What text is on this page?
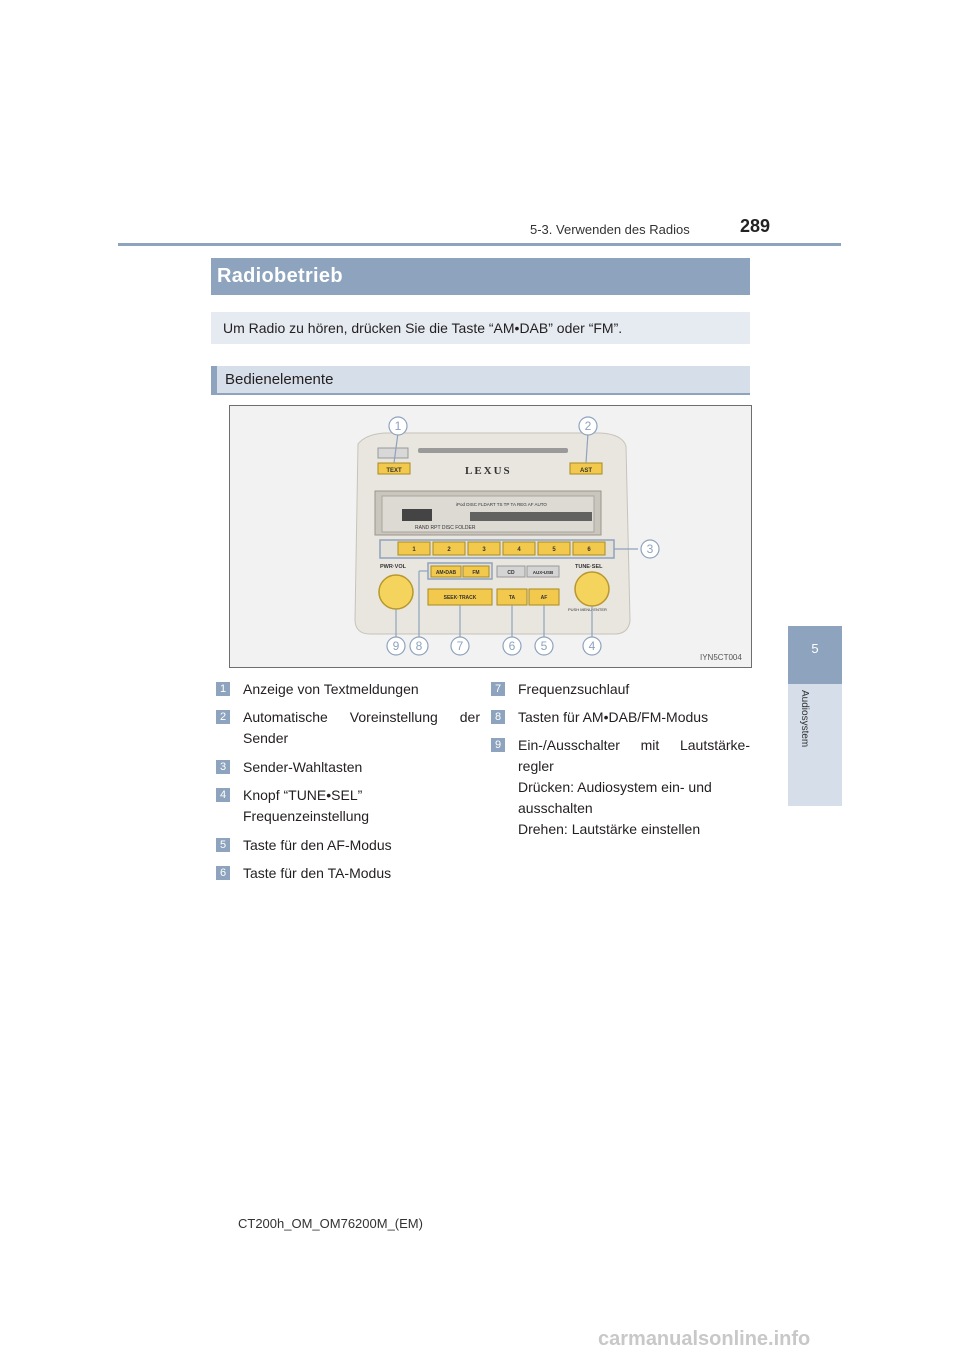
5-3. Verwenden des Radios	289
5
Audiosystem
Radiobetrieb
Um Radio zu hören, drücken Sie die Taste “AM•DAB” oder “FM”.
Bedienelemente
TEXT	AST
LEXUS
iPod DISC FLDART TS TP TA REG AF AUTO
RAND RPT DISC FOLDER
1	2	3	4	5	6
PWR·VOL	TUNE·SEL
AM•DAB	FM	CD	AUX•USB
SEEK·TRACK	TA	AF
PUSH MENU·ENTER
1	2
3
4
5
6
7
8
9
IYN5CT004
1 Anzeige von Textmeldungen
2 Automatische Voreinstellung der
Sender
3 Sender-Wahltasten
4 Knopf “TUNE•SEL”
Frequenzeinstellung
5 Taste für den AF-Modus
6 Taste für den TA-Modus
7 Frequenzsuchlauf
8 Tasten für AM•DAB/FM-Modus
9 Ein-/Ausschalter mit Lautstärke-
regler
Drücken: Audiosystem ein- und
ausschalten
Drehen: Lautstärke einstellen
CT200h_OM_OM76200M_(EM)
carmanualsonline.info
